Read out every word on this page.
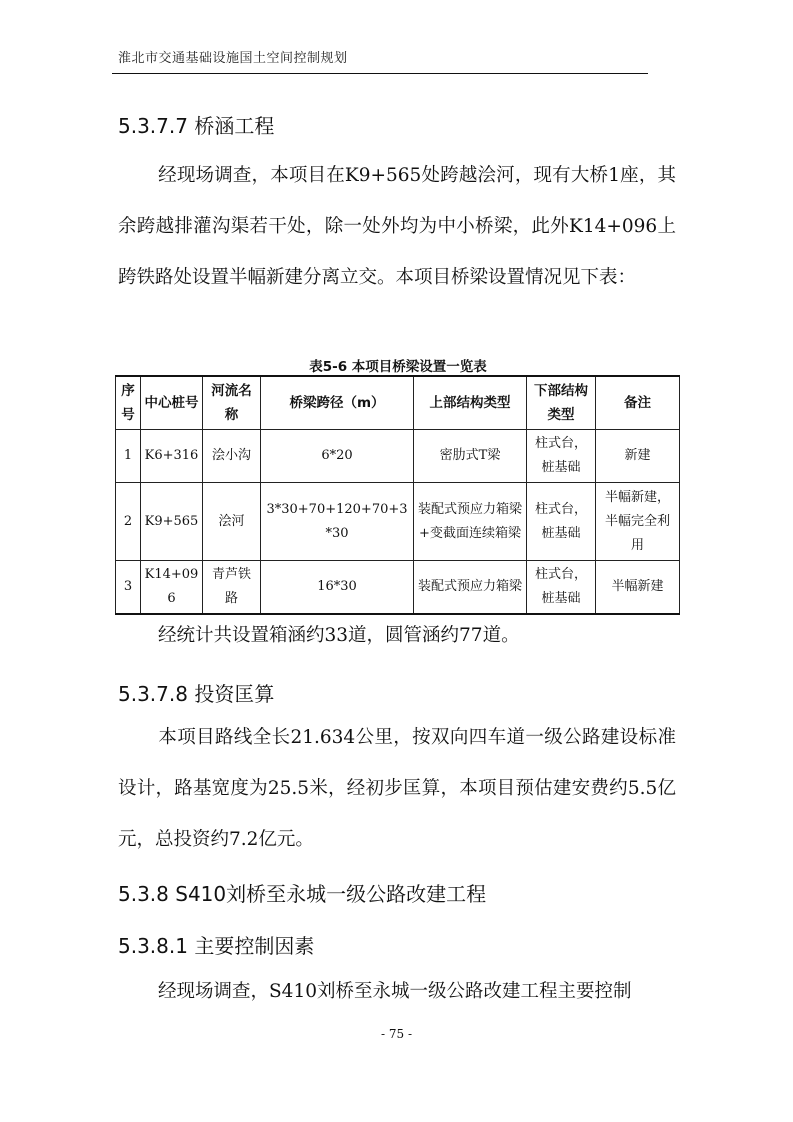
淮北市交通基础设施国土空间控制规划
5.3.7.7 桥涵工程
经现场调查，本项目在K9+565处跨越浍河，现有大桥1座，其余跨越排灌沟渠若干处，除一处外均为中小桥梁，此外K14+096上跨铁路处设置半幅新建分离立交。本项目桥梁设置情况见下表：
表5-6 本项目桥梁设置一览表
序号	中心桩号	河流名称	桥梁跨径（m）	上部结构类型	下部结构类型	备注
1	K6+316	浍小沟	6*20	密肋式T梁	柱式台，桩基础	新建
2	K9+565	浍河	3*30+70+120+70+3*30	装配式预应力箱梁+变截面连续箱梁	柱式台，桩基础	半幅新建，半幅完全利用
3	K14+096	青芦铁路	16*30	装配式预应力箱梁	柱式台，桩基础	半幅新建
经统计共设置箱涵约33道，圆管涵约77道。
5.3.7.8 投资匡算
本项目路线全长21.634公里，按双向四车道一级公路建设标准设计，路基宽度为25.5米，经初步匡算，本项目预估建安费约5.5亿元，总投资约7.2亿元。
5.3.8 S410刘桥至永城一级公路改建工程
5.3.8.1 主要控制因素
经现场调查，S410刘桥至永城一级公路改建工程主要控制
- 75 -
